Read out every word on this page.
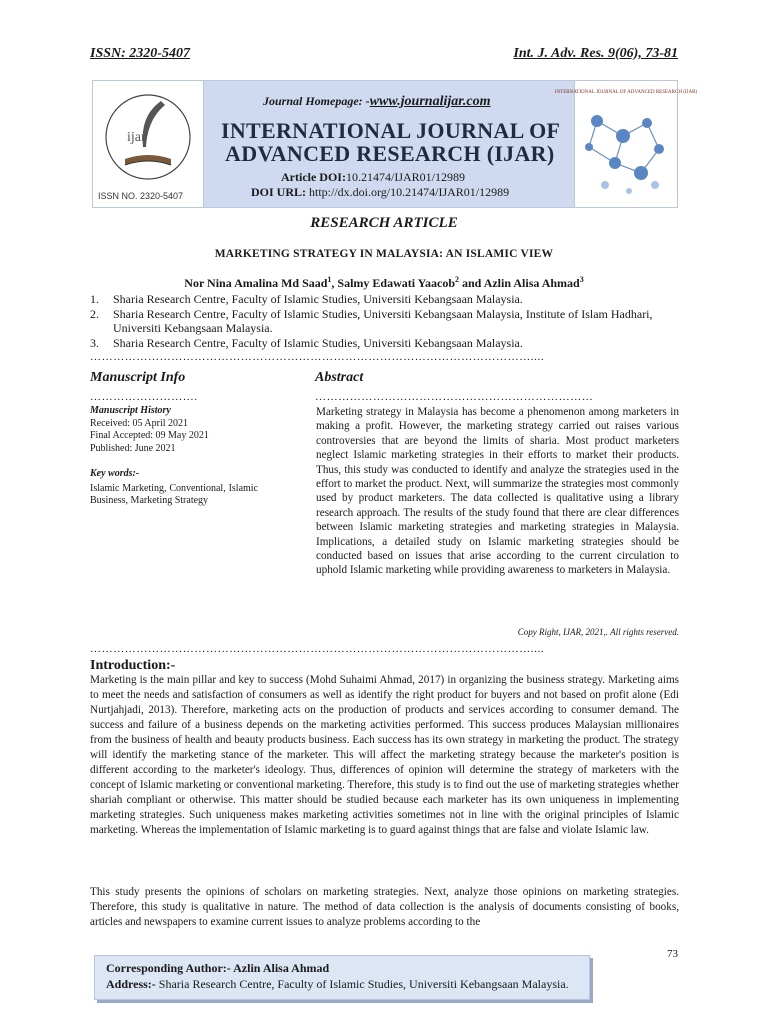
ISSN: 2320-5407	Int. J. Adv. Res. 9(06), 73-81
ijar
ISSN NO. 2320-5407
Journal Homepage: -www.journalijar.com
INTERNATIONAL JOURNAL OF
ADVANCED RESEARCH (IJAR)
Article DOI:10.21474/IJAR01/12989
DOI URL: http://dx.doi.org/10.21474/IJAR01/12989
INTERNATIONAL JOURNAL OF ADVANCED RESEARCH (IJAR)
RESEARCH ARTICLE
MARKETING STRATEGY IN MALAYSIA: AN ISLAMIC VIEW
Nor Nina Amalina Md Saad$^1$, Salmy Edawati Yaacob$^2$ and Azlin Alisa Ahmad$^3$
1. Sharia Research Centre, Faculty of Islamic Studies, Universiti Kebangsaan Malaysia.
2. Sharia Research Centre, Faculty of Islamic Studies, Universiti Kebangsaan Malaysia, Institute of Islam Hadhari, Universiti Kebangsaan Malaysia.
3. Sharia Research Centre, Faculty of Islamic Studies, Universiti Kebangsaan Malaysia.
……………………………………………………………………………………………………....
Manuscript Info
……………………….
Manuscript History
Received: 05 April 2021
Final Accepted: 09 May 2021
Published: June 2021
Key words:-
Islamic Marketing, Conventional, Islamic Business, Marketing Strategy
Abstract
………………………………………………………………

Marketing strategy in Malaysia has become a phenomenon among marketers in making a profit. However, the marketing strategy carried out raises various controversies that are beyond the limits of sharia. Most product marketers neglect Islamic marketing strategies in their efforts to market their products. Thus, this study was conducted to identify and analyze the strategies used in the effort to market the product. Next, will summarize the strategies most commonly used by product marketers. The data collected is qualitative using a library research approach. The results of the study found that there are clear differences between Islamic marketing strategies and marketing strategies in Malaysia. Implications, a detailed study on Islamic marketing strategies should be conducted based on issues that arise according to the current circulation to uphold Islamic marketing while providing awareness to marketers in Malaysia.

Copy Right, IJAR, 2021,. All rights reserved.
……………………………………………………………………………………………………....
Introduction:-

Marketing is the main pillar and key to success (Mohd Suhaimi Ahmad, 2017) in organizing the business strategy. Marketing aims to meet the needs and satisfaction of consumers as well as identify the right product for buyers and not based on profit alone (Edi Nurtjahjadi, 2013). Therefore, marketing acts on the production of products and services according to consumer demand. The success and failure of a business depends on the marketing activities performed. This success produces Malaysian millionaires from the business of health and beauty products business. Each success has its own strategy in marketing the product. The strategy will identify the marketing stance of the marketer. This will affect the marketing strategy because the marketer's position is different according to the marketer's ideology. Thus, differences of opinion will determine the strategy of marketers with the concept of Islamic marketing or conventional marketing. Therefore, this study is to find out the use of marketing strategies whether shariah compliant or otherwise. This matter should be studied because each marketer has its own uniqueness in implementing marketing strategies. Such uniqueness makes marketing activities sometimes not in line with the original principles of Islamic marketing. Whereas the implementation of Islamic marketing is to guard against things that are false and violate Islamic law.

This study presents the opinions of scholars on marketing strategies. Next, analyze those opinions on marketing strategies. Therefore, this study is qualitative in nature. The method of data collection is the analysis of documents consisting of books, articles and newspapers to examine current issues to analyze problems according to the

73
Corresponding Author:- Azlin Alisa Ahmad
Address:- Sharia Research Centre, Faculty of Islamic Studies, Universiti Kebangsaan Malaysia.
